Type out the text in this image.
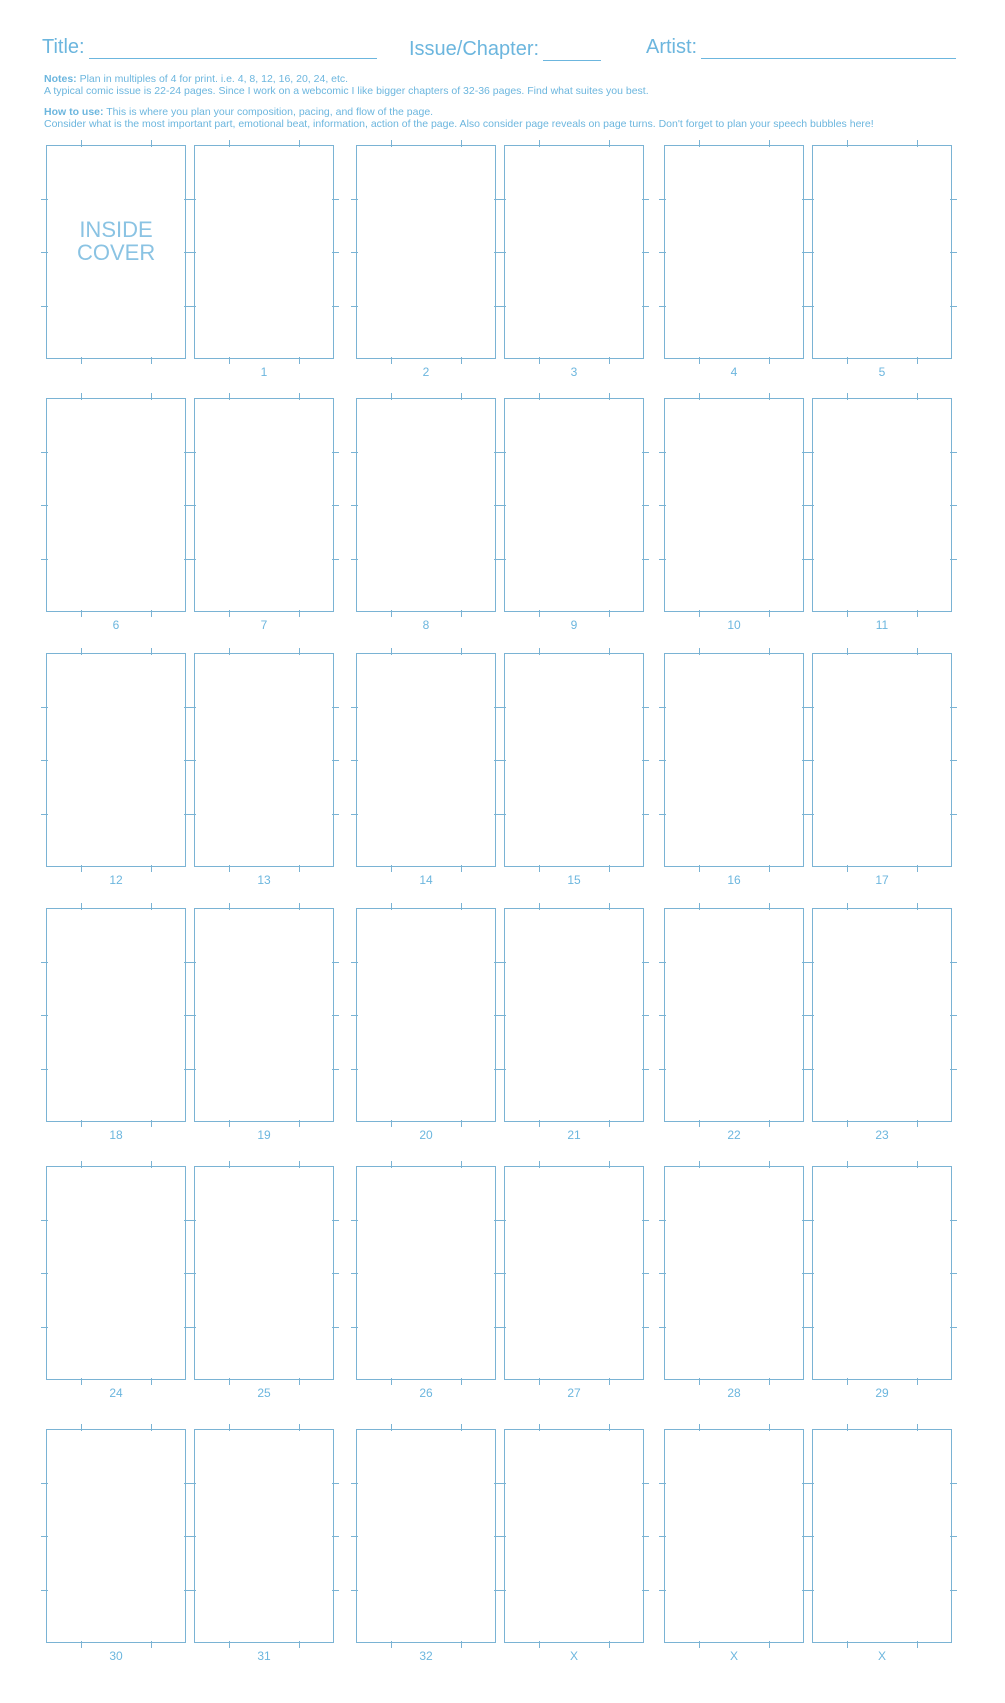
Title:	Issue/Chapter:	Artist:
Notes: Plan in multiples of 4 for print. i.e. 4, 8, 12, 16, 20, 24, etc.
A typical comic issue is 22-24 pages. Since I work on a webcomic I like bigger chapters of 32-36 pages. Find what suites you best.
How to use: This is where you plan your composition, pacing, and flow of the page.
Consider what is the most important part, emotional beat, information, action of the page. Also consider page reveals on page turns. Don't forget to plan your speech bubbles here!
INSIDE COVER
1	2	3	4	5
6	7	8	9	10	11
12	13	14	15	16	17
18	19	20	21	22	23
24	25	26	27	28	29
30	31	32	X	X	X
